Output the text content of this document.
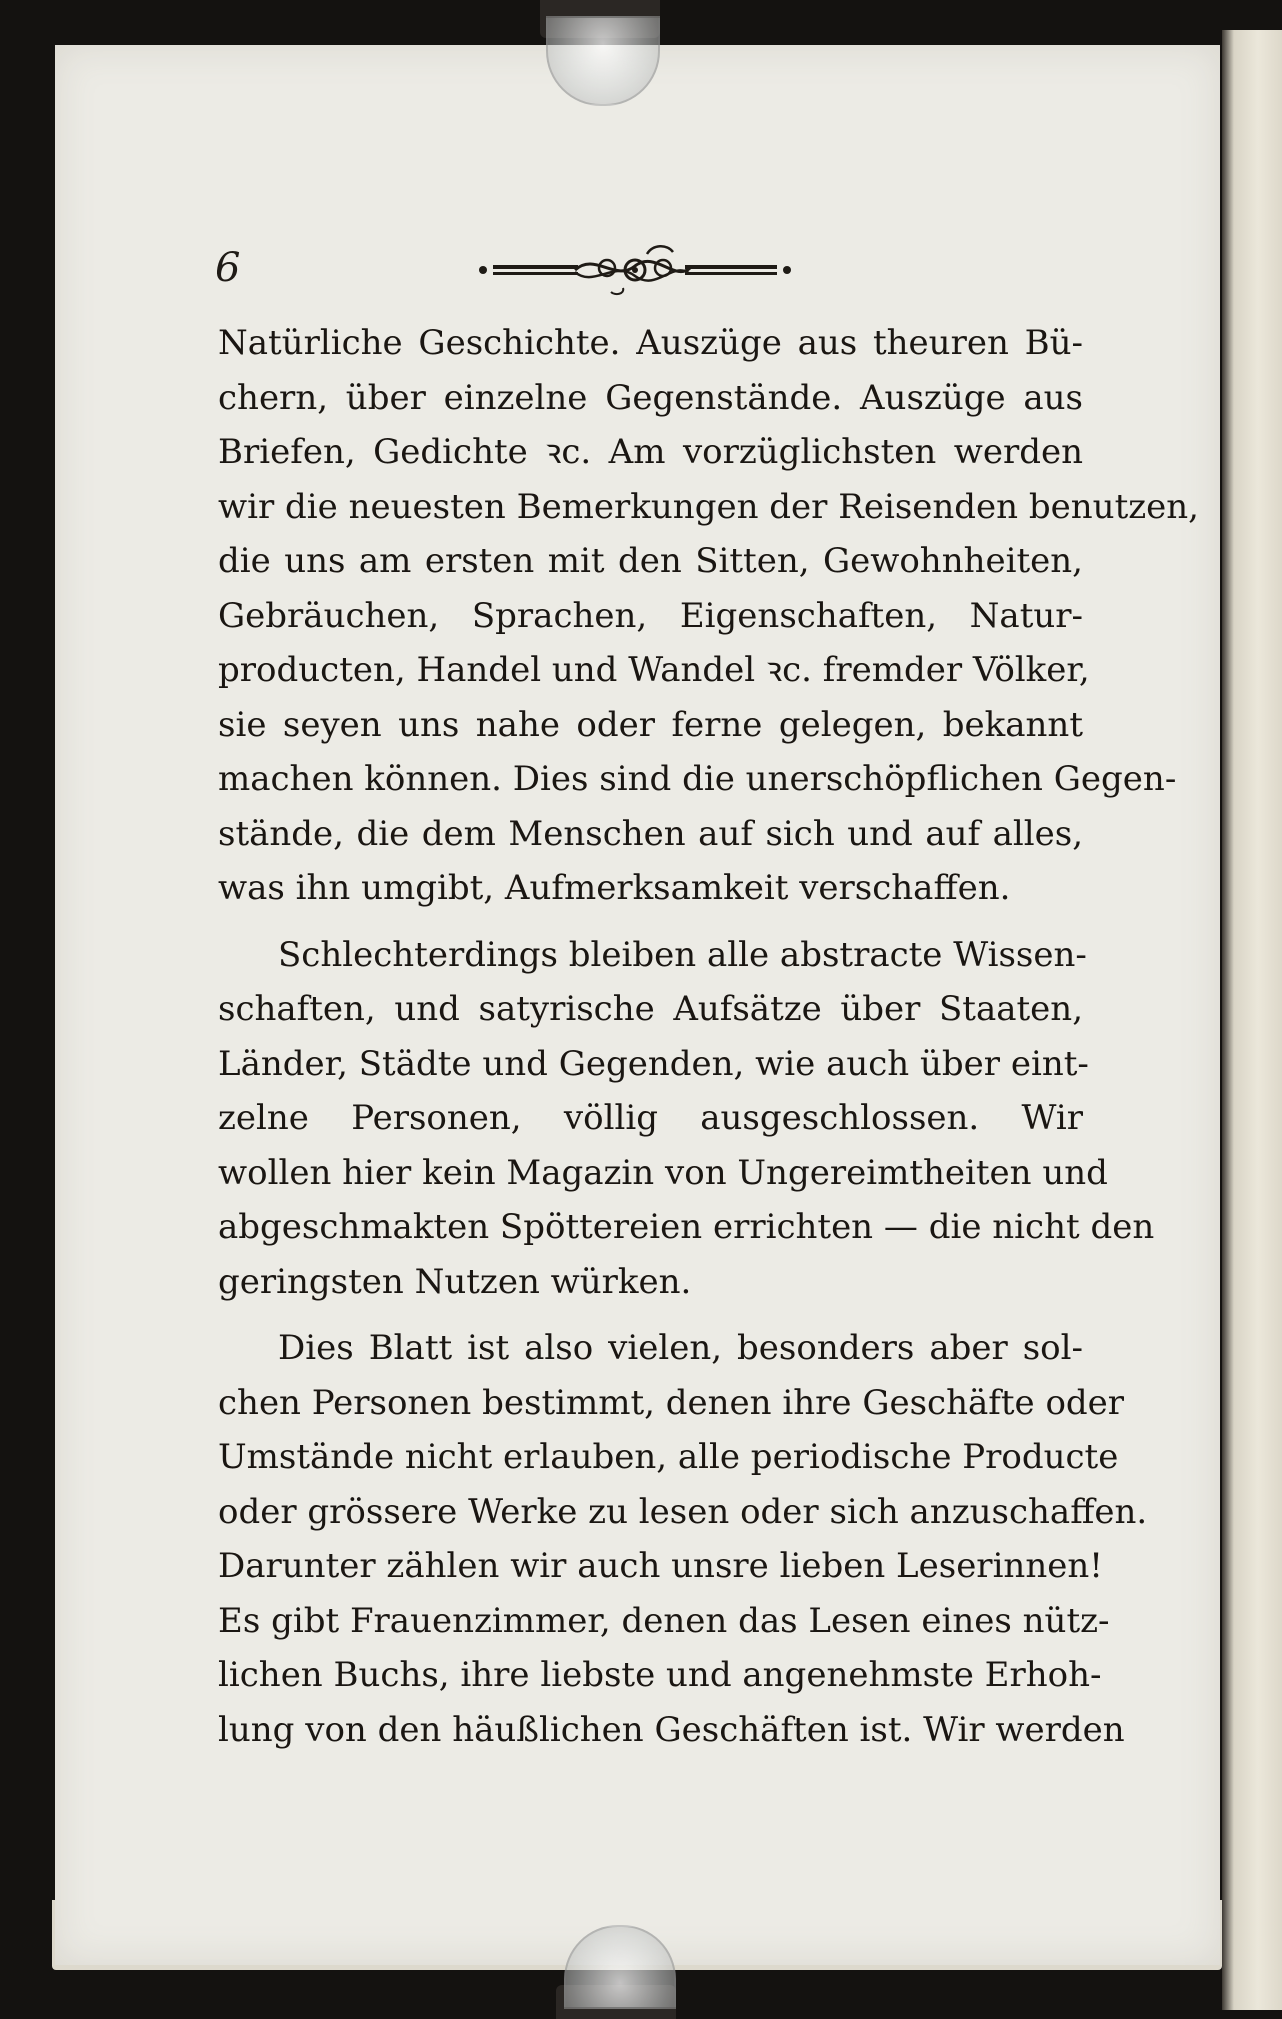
6
Natürliche Geschichte. Auszüge aus theuren Bü-
chern, über einzelne Gegenstände. Auszüge aus
Briefen, Gedichte ꝛc. Am vorzüglichsten werden
wir die neuesten Bemerkungen der Reisenden benutzen,
die uns am ersten mit den Sitten, Gewohnheiten,
Gebräuchen, Sprachen, Eigenschaften, Natur-
producten, Handel und Wandel ꝛc. fremder Völker,
sie seyen uns nahe oder ferne gelegen, bekannt
machen können. Dies sind die unerschöpflichen Gegen-
stände, die dem Menschen auf sich und auf alles,
was ihn umgibt, Aufmerksamkeit verschaffen.
Schlechterdings bleiben alle abstracte Wissen-
schaften, und satyrische Aufsätze über Staaten,
Länder, Städte und Gegenden, wie auch über eint-
zelne Personen, völlig ausgeschlossen. Wir
wollen hier kein Magazin von Ungereimtheiten und
abgeschmakten Spöttereien errichten — die nicht den
geringsten Nutzen würken.
Dies Blatt ist also vielen, besonders aber sol-
chen Personen bestimmt, denen ihre Geschäfte oder
Umstände nicht erlauben, alle periodische Producte
oder grössere Werke zu lesen oder sich anzuschaffen.
Darunter zählen wir auch unsre lieben Leserinnen!
Es gibt Frauenzimmer, denen das Lesen eines nütz-
lichen Buchs, ihre liebste und angenehmste Erhoh-
lung von den häußlichen Geschäften ist. Wir werden
